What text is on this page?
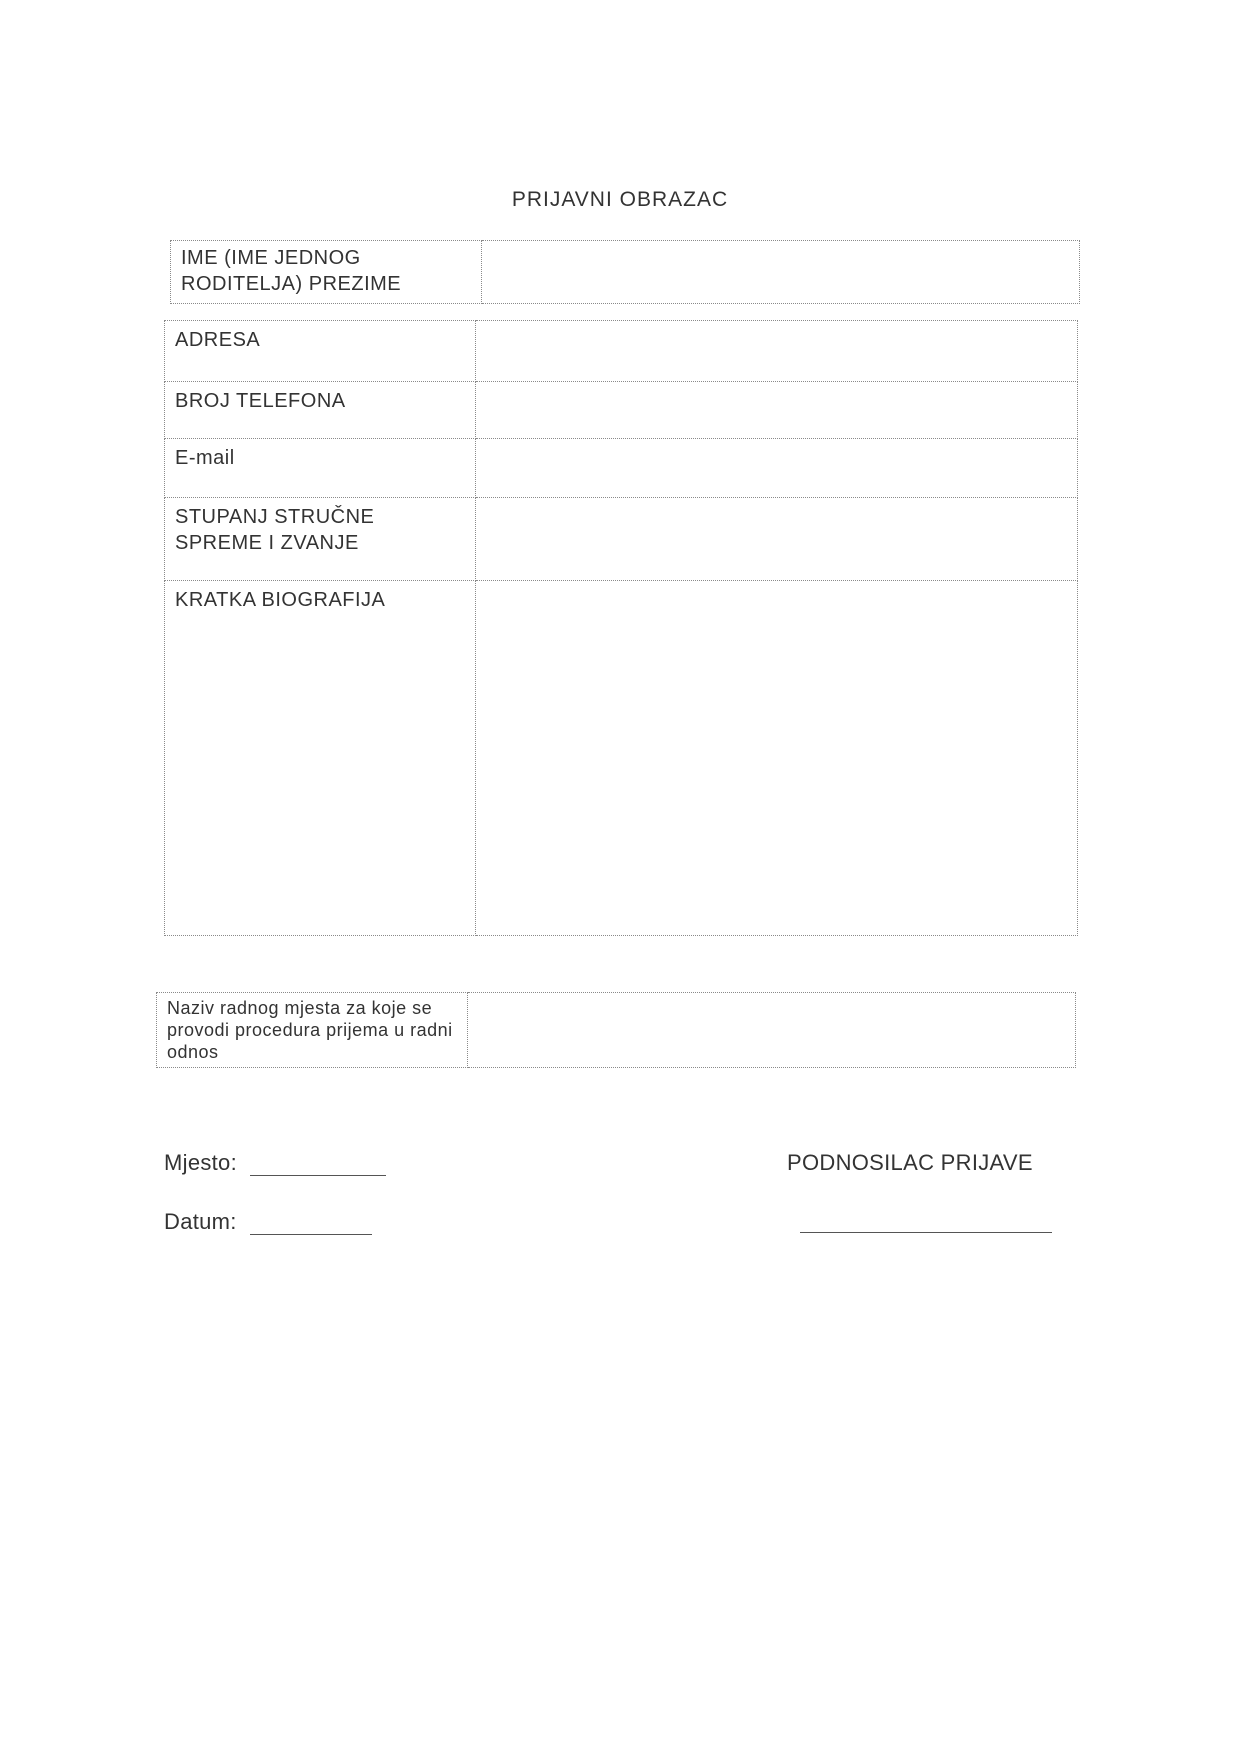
PRIJAVNI OBRAZAC
IME (IME JEDNOG RODITELJA) PREZIME	
ADRESA	
BROJ TELEFONA	
E-mail	
STUPANJ STRUČNE SPREME I ZVANJE	
KRATKA BIOGRAFIJA	
Naziv radnog mjesta za koje se provodi procedura prijema u radni odnos	
Mjesto:
Datum:
PODNOSILAC PRIJAVE
